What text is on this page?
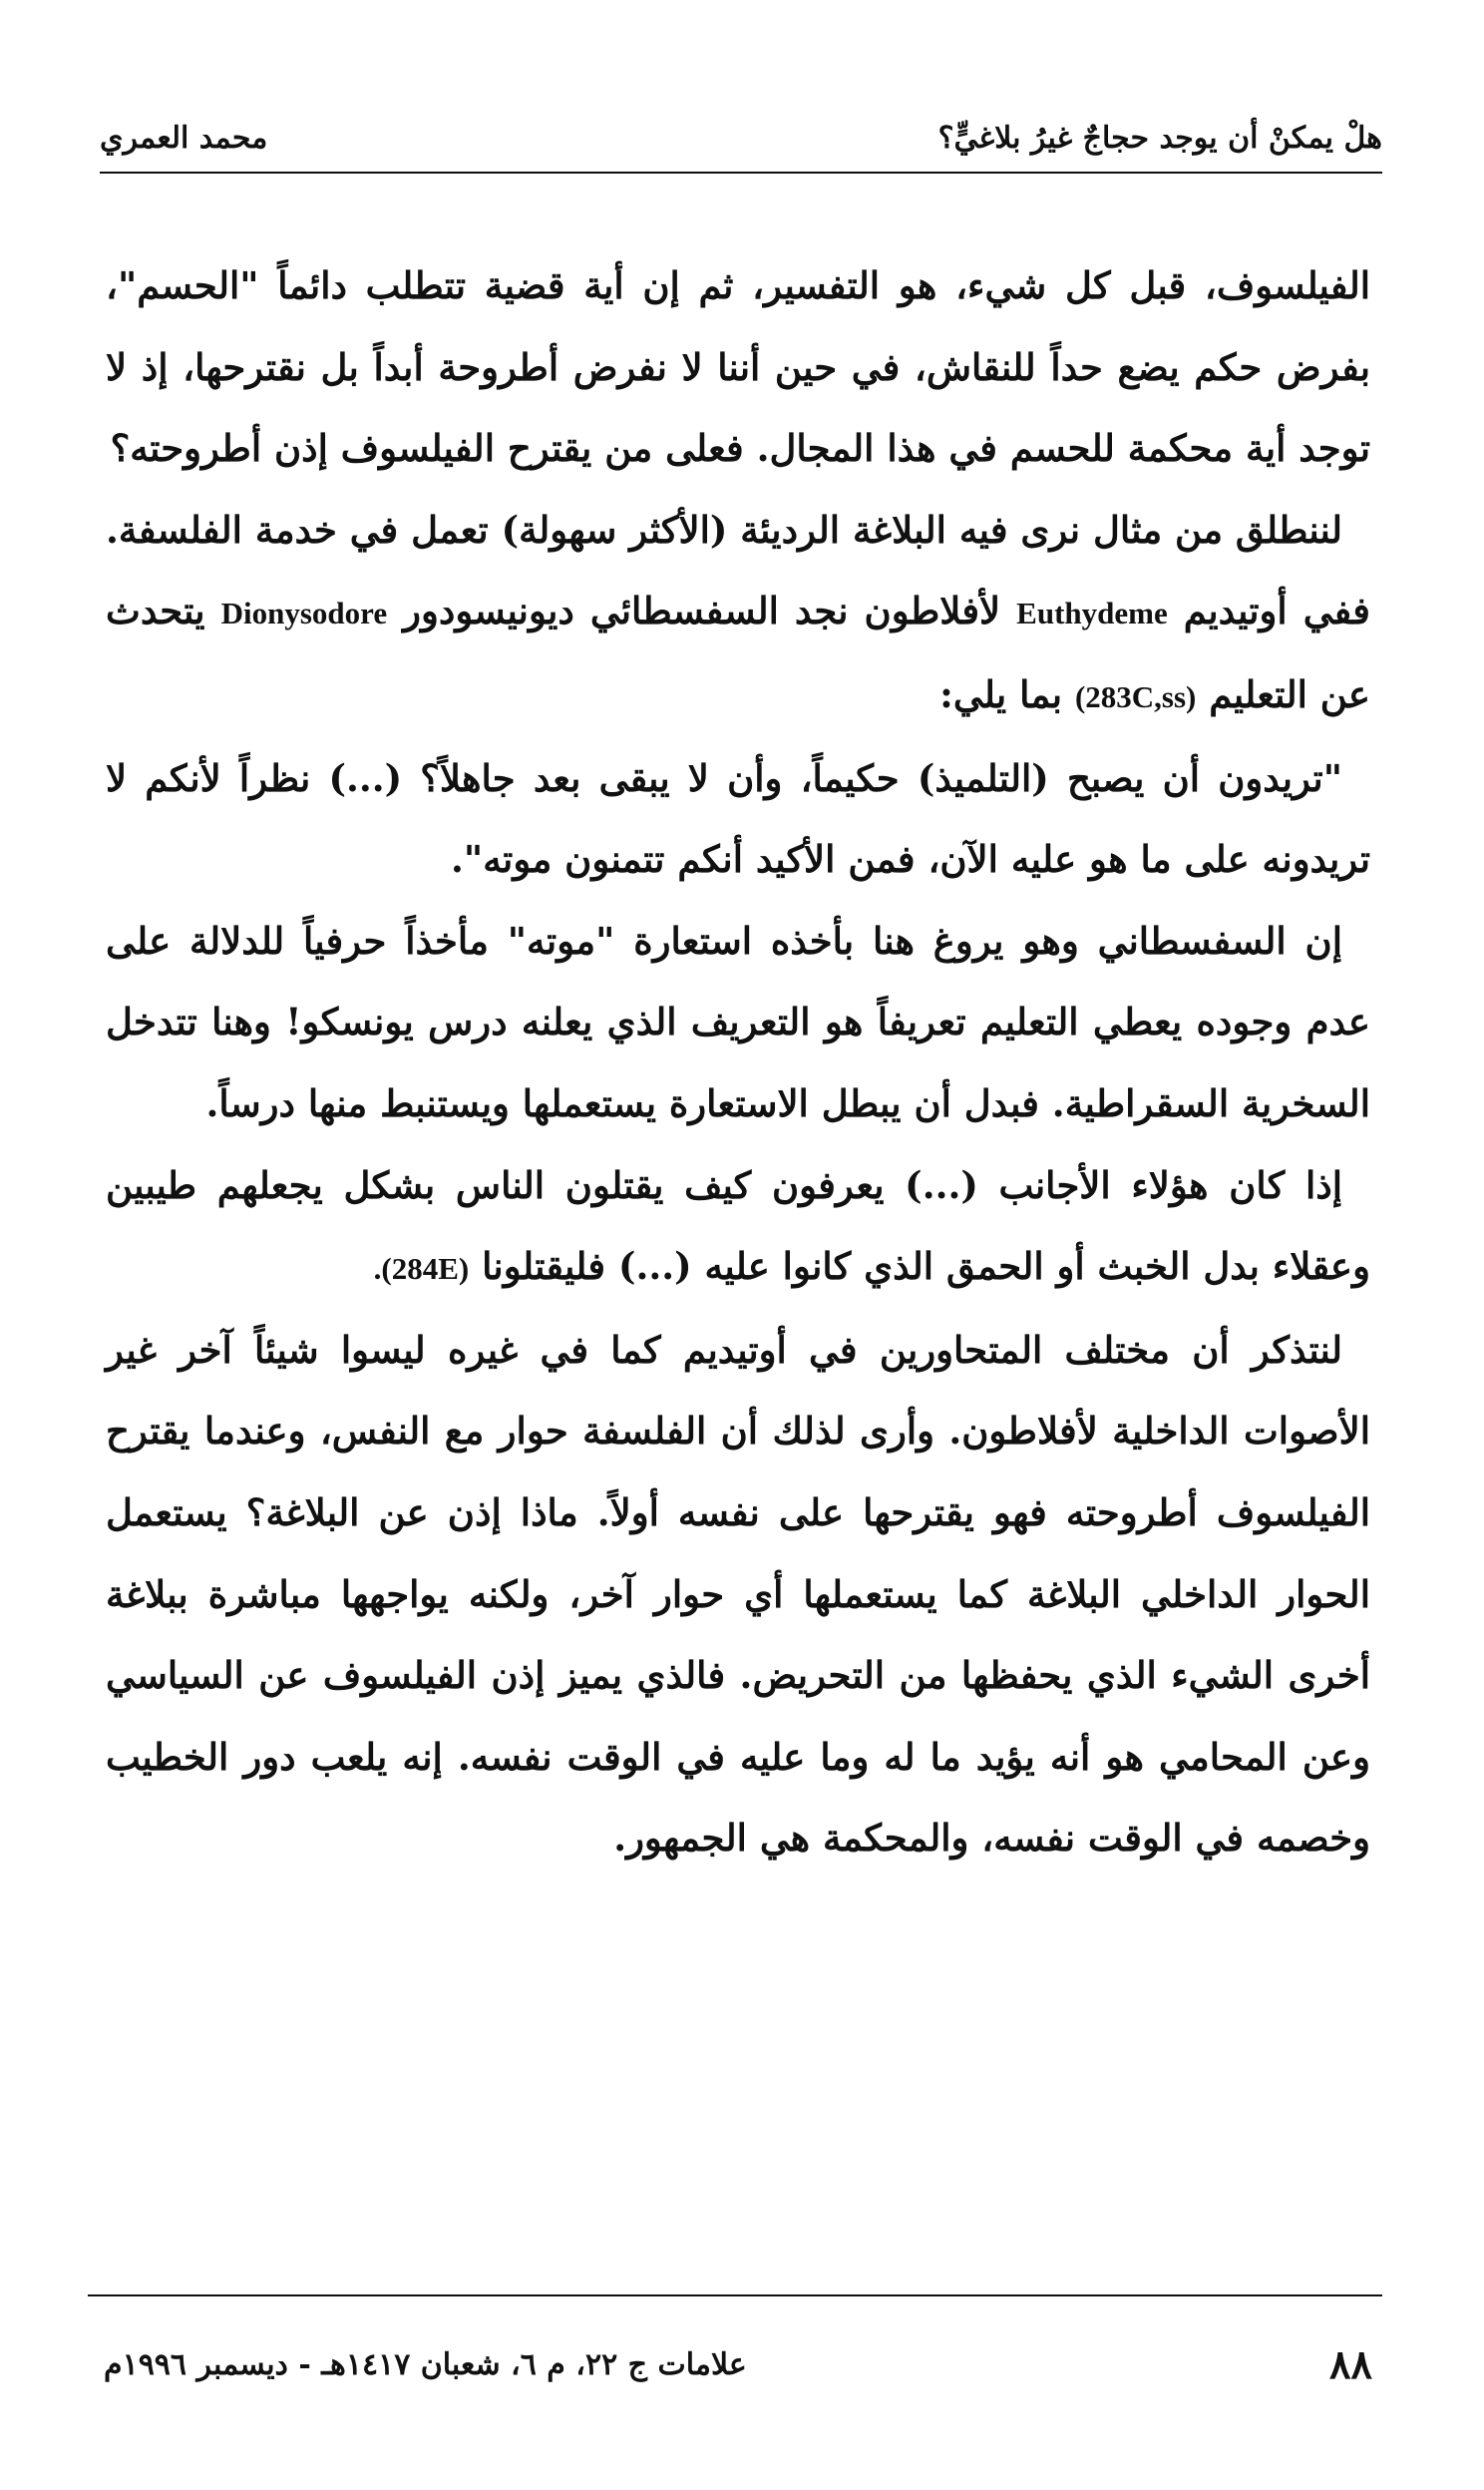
هلْ يمكنْ أن يوجد حجاجٌ غيرُ بلاغيٍّ؟
محمد العمري

الفيلسوف، قبل كل شيء، هو التفسير، ثم إن أية قضية تتطلب دائماً "الحسم"، بفرض حكم يضع حداً للنقاش، في حين أننا لا نفرض أطروحة أبداً بل نقترحها، إذ لا توجد أية محكمة للحسم في هذا المجال. فعلى من يقترح الفيلسوف إذن أطروحته؟

لننطلق من مثال نرى فيه البلاغة الرديئة (الأكثر سهولة) تعمل في خدمة الفلسفة. ففي أوتيديم Euthydeme لأفلاطون نجد السفسطائي ديونيسودور Dionysodore يتحدث عن التعليم (283C,ss) بما يلي:

"تريدون أن يصبح (التلميذ) حكيماً، وأن لا يبقى بعد جاهلاً؟ (...) نظراً لأنكم لا تريدونه على ما هو عليه الآن، فمن الأكيد أنكم تتمنون موته".

إن السفسطاني وهو يروغ هنا بأخذه استعارة "موته" مأخذاً حرفياً للدلالة على عدم وجوده يعطي التعليم تعريفاً هو التعريف الذي يعلنه درس يونسكو! وهنا تتدخل السخرية السقراطية. فبدل أن يبطل الاستعارة يستعملها ويستنبط منها درساً.

إذا كان هؤلاء الأجانب (...) يعرفون كيف يقتلون الناس بشكل يجعلهم طيبين وعقلاء بدل الخبث أو الحمق الذي كانوا عليه (...) فليقتلونا (284E).

لنتذكر أن مختلف المتحاورين في أوتيديم كما في غيره ليسوا شيئاً آخر غير الأصوات الداخلية لأفلاطون. وأرى لذلك أن الفلسفة حوار مع النفس، وعندما يقترح الفيلسوف أطروحته فهو يقترحها على نفسه أولاً. ماذا إذن عن البلاغة؟ يستعمل الحوار الداخلي البلاغة كما يستعملها أي حوار آخر، ولكنه يواجهها مباشرة ببلاغة أخرى الشيء الذي يحفظها من التحريض. فالذي يميز إذن الفيلسوف عن السياسي وعن المحامي هو أنه يؤيد ما له وما عليه في الوقت نفسه. إنه يلعب دور الخطيب وخصمه في الوقت نفسه، والمحكمة هي الجمهور.

٨٨
علامات ج ٢٢، م ٦، شعبان ١٤١٧هـ - ديسمبر ١٩٩٦م
